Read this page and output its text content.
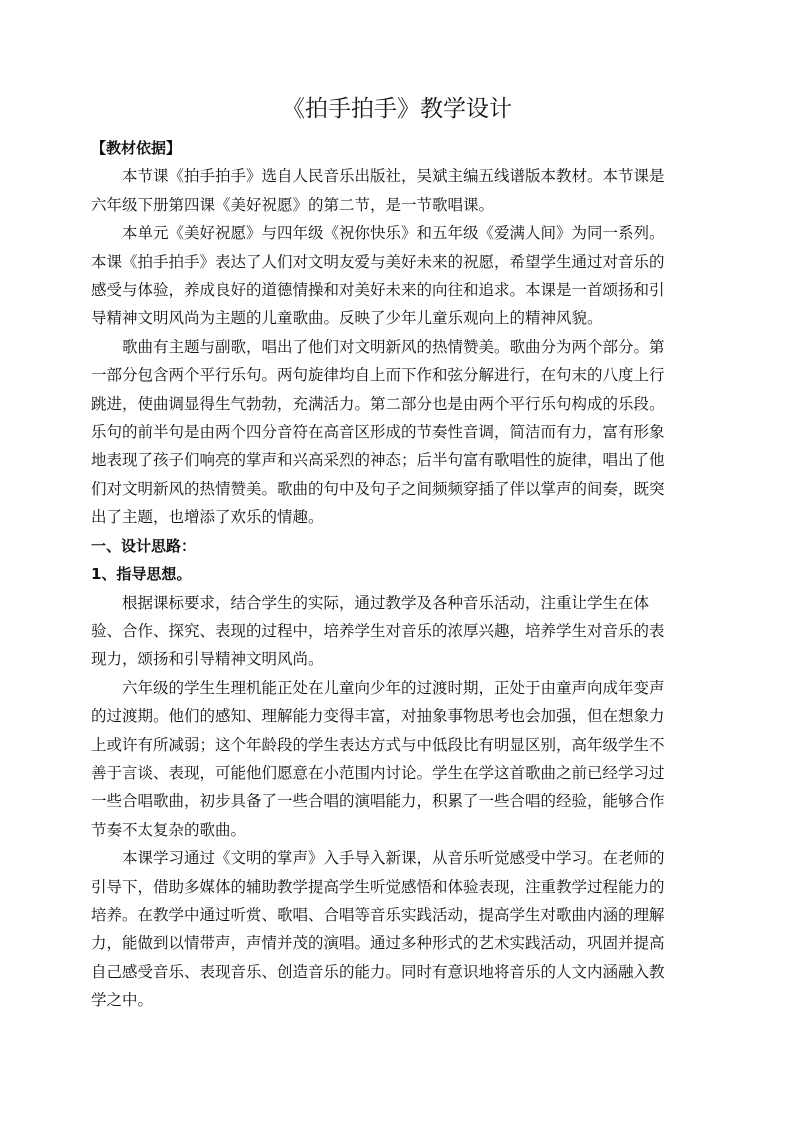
《拍手拍手》教学设计

【教材依据】

本节课《拍手拍手》选自人民音乐出版社，吴斌主编五线谱版本教材。本节课是
六年级下册第四课《美好祝愿》的第二节，是一节歌唱课。

本单元《美好祝愿》与四年级《祝你快乐》和五年级《爱满人间》为同一系列。
本课《拍手拍手》表达了人们对文明友爱与美好未来的祝愿，希望学生通过对音乐的
感受与体验，养成良好的道德情操和对美好未来的向往和追求。本课是一首颂扬和引
导精神文明风尚为主题的儿童歌曲。反映了少年儿童乐观向上的精神风貌。

歌曲有主题与副歌，唱出了他们对文明新风的热情赞美。歌曲分为两个部分。第
一部分包含两个平行乐句。两句旋律均自上而下作和弦分解进行，在句末的八度上行
跳进，使曲调显得生气勃勃，充满活力。第二部分也是由两个平行乐句构成的乐段。
乐句的前半句是由两个四分音符在高音区形成的节奏性音调，简洁而有力，富有形象
地表现了孩子们响亮的掌声和兴高采烈的神态；后半句富有歌唱性的旋律，唱出了他
们对文明新风的热情赞美。歌曲的句中及句子之间频频穿插了伴以掌声的间奏，既突
出了主题，也增添了欢乐的情趣。

一、设计思路：

1、指导思想。

根据课标要求，结合学生的实际，通过教学及各种音乐活动，注重让学生在体
验、合作、探究、表现的过程中，培养学生对音乐的浓厚兴趣，培养学生对音乐的表
现力，颂扬和引导精神文明风尚。

六年级的学生生理机能正处在儿童向少年的过渡时期，正处于由童声向成年变声
的过渡期。他们的感知、理解能力变得丰富，对抽象事物思考也会加强，但在想象力
上或许有所减弱；这个年龄段的学生表达方式与中低段比有明显区别，高年级学生不
善于言谈、表现，可能他们愿意在小范围内讨论。学生在学这首歌曲之前已经学习过
一些合唱歌曲，初步具备了一些合唱的演唱能力，积累了一些合唱的经验，能够合作
节奏不太复杂的歌曲。

本课学习通过《文明的掌声》入手导入新课，从音乐听觉感受中学习。在老师的
引导下，借助多媒体的辅助教学提高学生听觉感悟和体验表现，注重教学过程能力的
培养。在教学中通过听赏、歌唱、合唱等音乐实践活动，提高学生对歌曲内涵的理解
力，能做到以情带声，声情并茂的演唱。通过多种形式的艺术实践活动，巩固并提高
自己感受音乐、表现音乐、创造音乐的能力。同时有意识地将音乐的人文内涵融入教
学之中。
